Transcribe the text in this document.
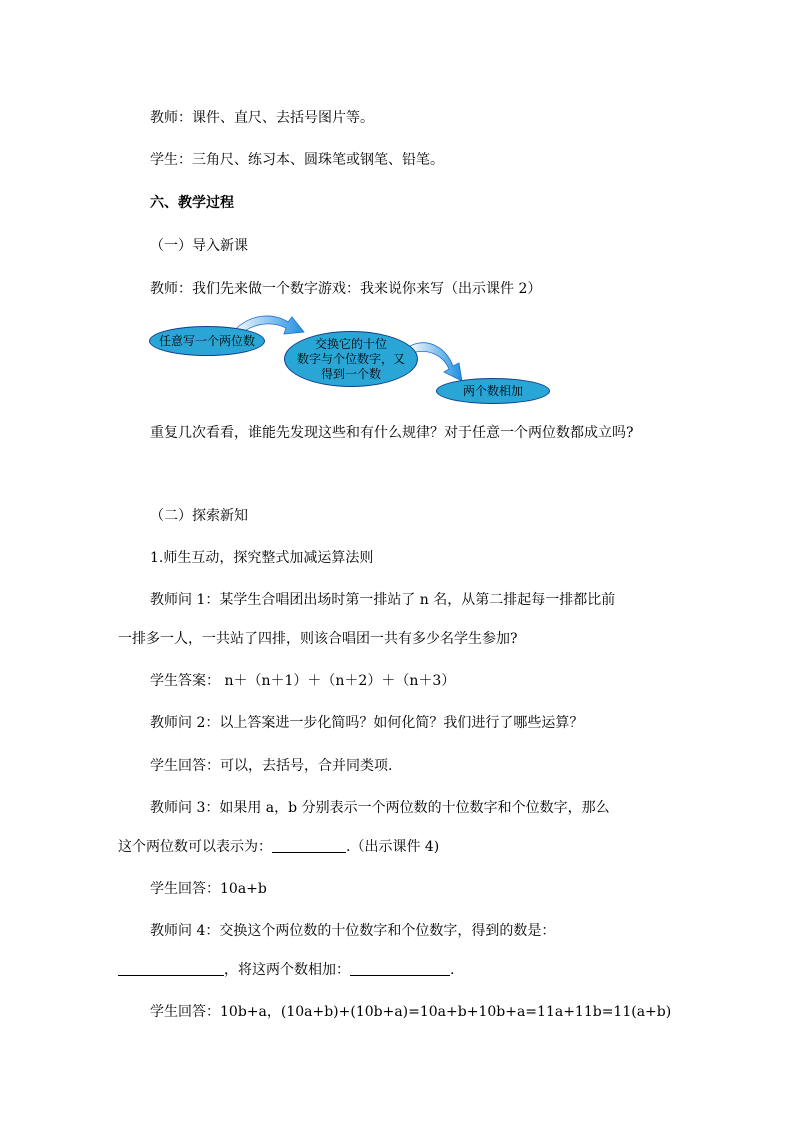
教师：课件、直尺、去括号图片等。
学生：三角尺、练习本、圆珠笔或钢笔、铅笔。
六、教学过程
（一）导入新课
教师：我们先来做一个数字游戏：我来说你来写（出示课件 2）
任意写一个两位数	交换它的十位
数字与个位数字，又
得到一个数
两个数相加
重复几次看看，谁能先发现这些和有什么规律？对于任意一个两位数都成立吗?
（二）探索新知
1.师生互动，探究整式加减运算法则
教师问 1：某学生合唱团出场时第一排站了 n 名，从第二排起每一排都比前
一排多一人，一共站了四排，则该合唱团一共有多少名学生参加?
学生答案： n＋（n＋1）＋（n＋2）＋（n＋3）
教师问 2：以上答案进一步化简吗？如何化简？我们进行了哪些运算？
学生回答：可以，去括号，合并同类项.
教师问 3：如果用 a，b 分别表示一个两位数的十位数字和个位数字，那么
这个两位数可以表示为：	.（出示课件 4)
学生回答：10a+b
教师问 4：交换这个两位数的十位数字和个位数字，得到的数是：
，将这两个数相加：	.
学生回答：10b+a，(10a+b)+(10b+a)=10a+b+10b+a=11a+11b=11(a+b)
